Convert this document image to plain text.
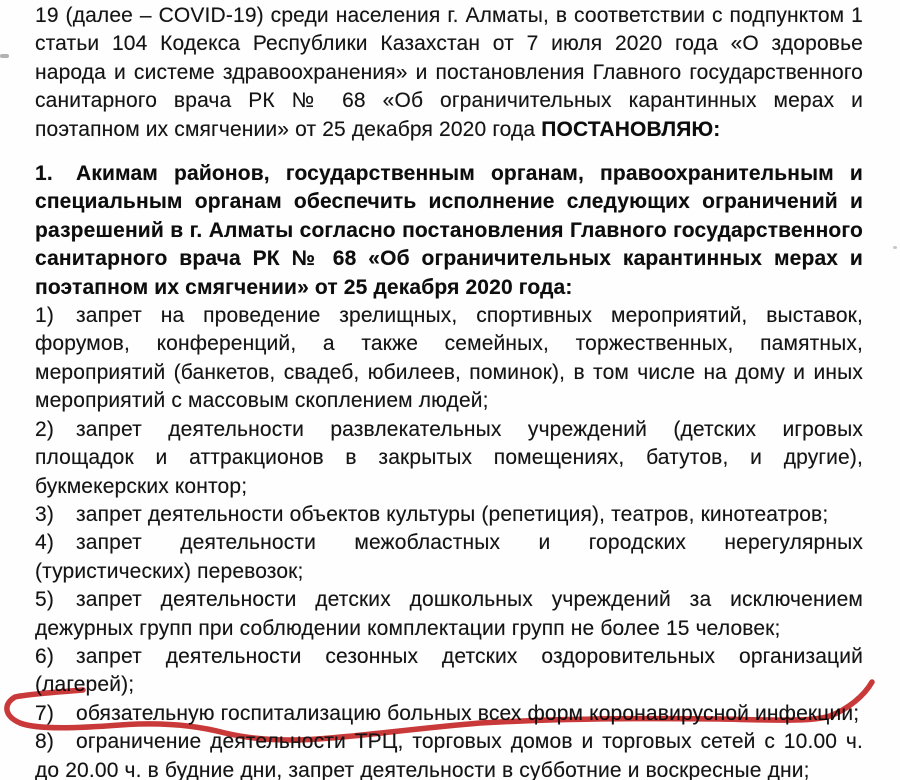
19 (далее – COVID-19) среди населения г. Алматы, в соответствии с подпунктом 1 статьи 104 Кодекса Республики Казахстан от 7 июля 2020 года «О здоровье народа и системе здравоохранения» и постановления Главного государственного санитарного врача РК № 68 «Об ограничительных карантинных мерах и поэтапном их смягчении» от 25 декабря 2020 года ПОСТАНОВЛЯЮ:

1. Акимам районов, государственным органам, правоохранительным и специальным органам обеспечить исполнение следующих ограничений и разрешений в г. Алматы согласно постановления Главного государственного санитарного врача РК № 68 «Об ограничительных карантинных мерах и поэтапном их смягчении» от 25 декабря 2020 года:

1) запрет на проведение зрелищных, спортивных мероприятий, выставок, форумов, конференций, а также семейных, торжественных, памятных, мероприятий (банкетов, свадеб, юбилеев, поминок), в том числе на дому и иных мероприятий с массовым скоплением людей;

2) запрет деятельности развлекательных учреждений (детских игровых площадок и аттракционов в закрытых помещениях, батутов, и другие), букмекерских контор;

3) запрет деятельности объектов культуры (репетиция), театров, кинотеатров;

4) запрет деятельности межобластных и городских нерегулярных (туристических) перевозок;

5) запрет деятельности детских дошкольных учреждений за исключением дежурных групп при соблюдении комплектации групп не более 15 человек;

6) запрет деятельности сезонных детских оздоровительных организаций (лагерей);

7) обязательную госпитализацию больных всех форм коронавирусной инфекции;

8) ограничение деятельности ТРЦ, торговых домов и торговых сетей с 10.00 ч. до 20.00 ч. в будние дни, запрет деятельности в субботние и воскресные дни;
